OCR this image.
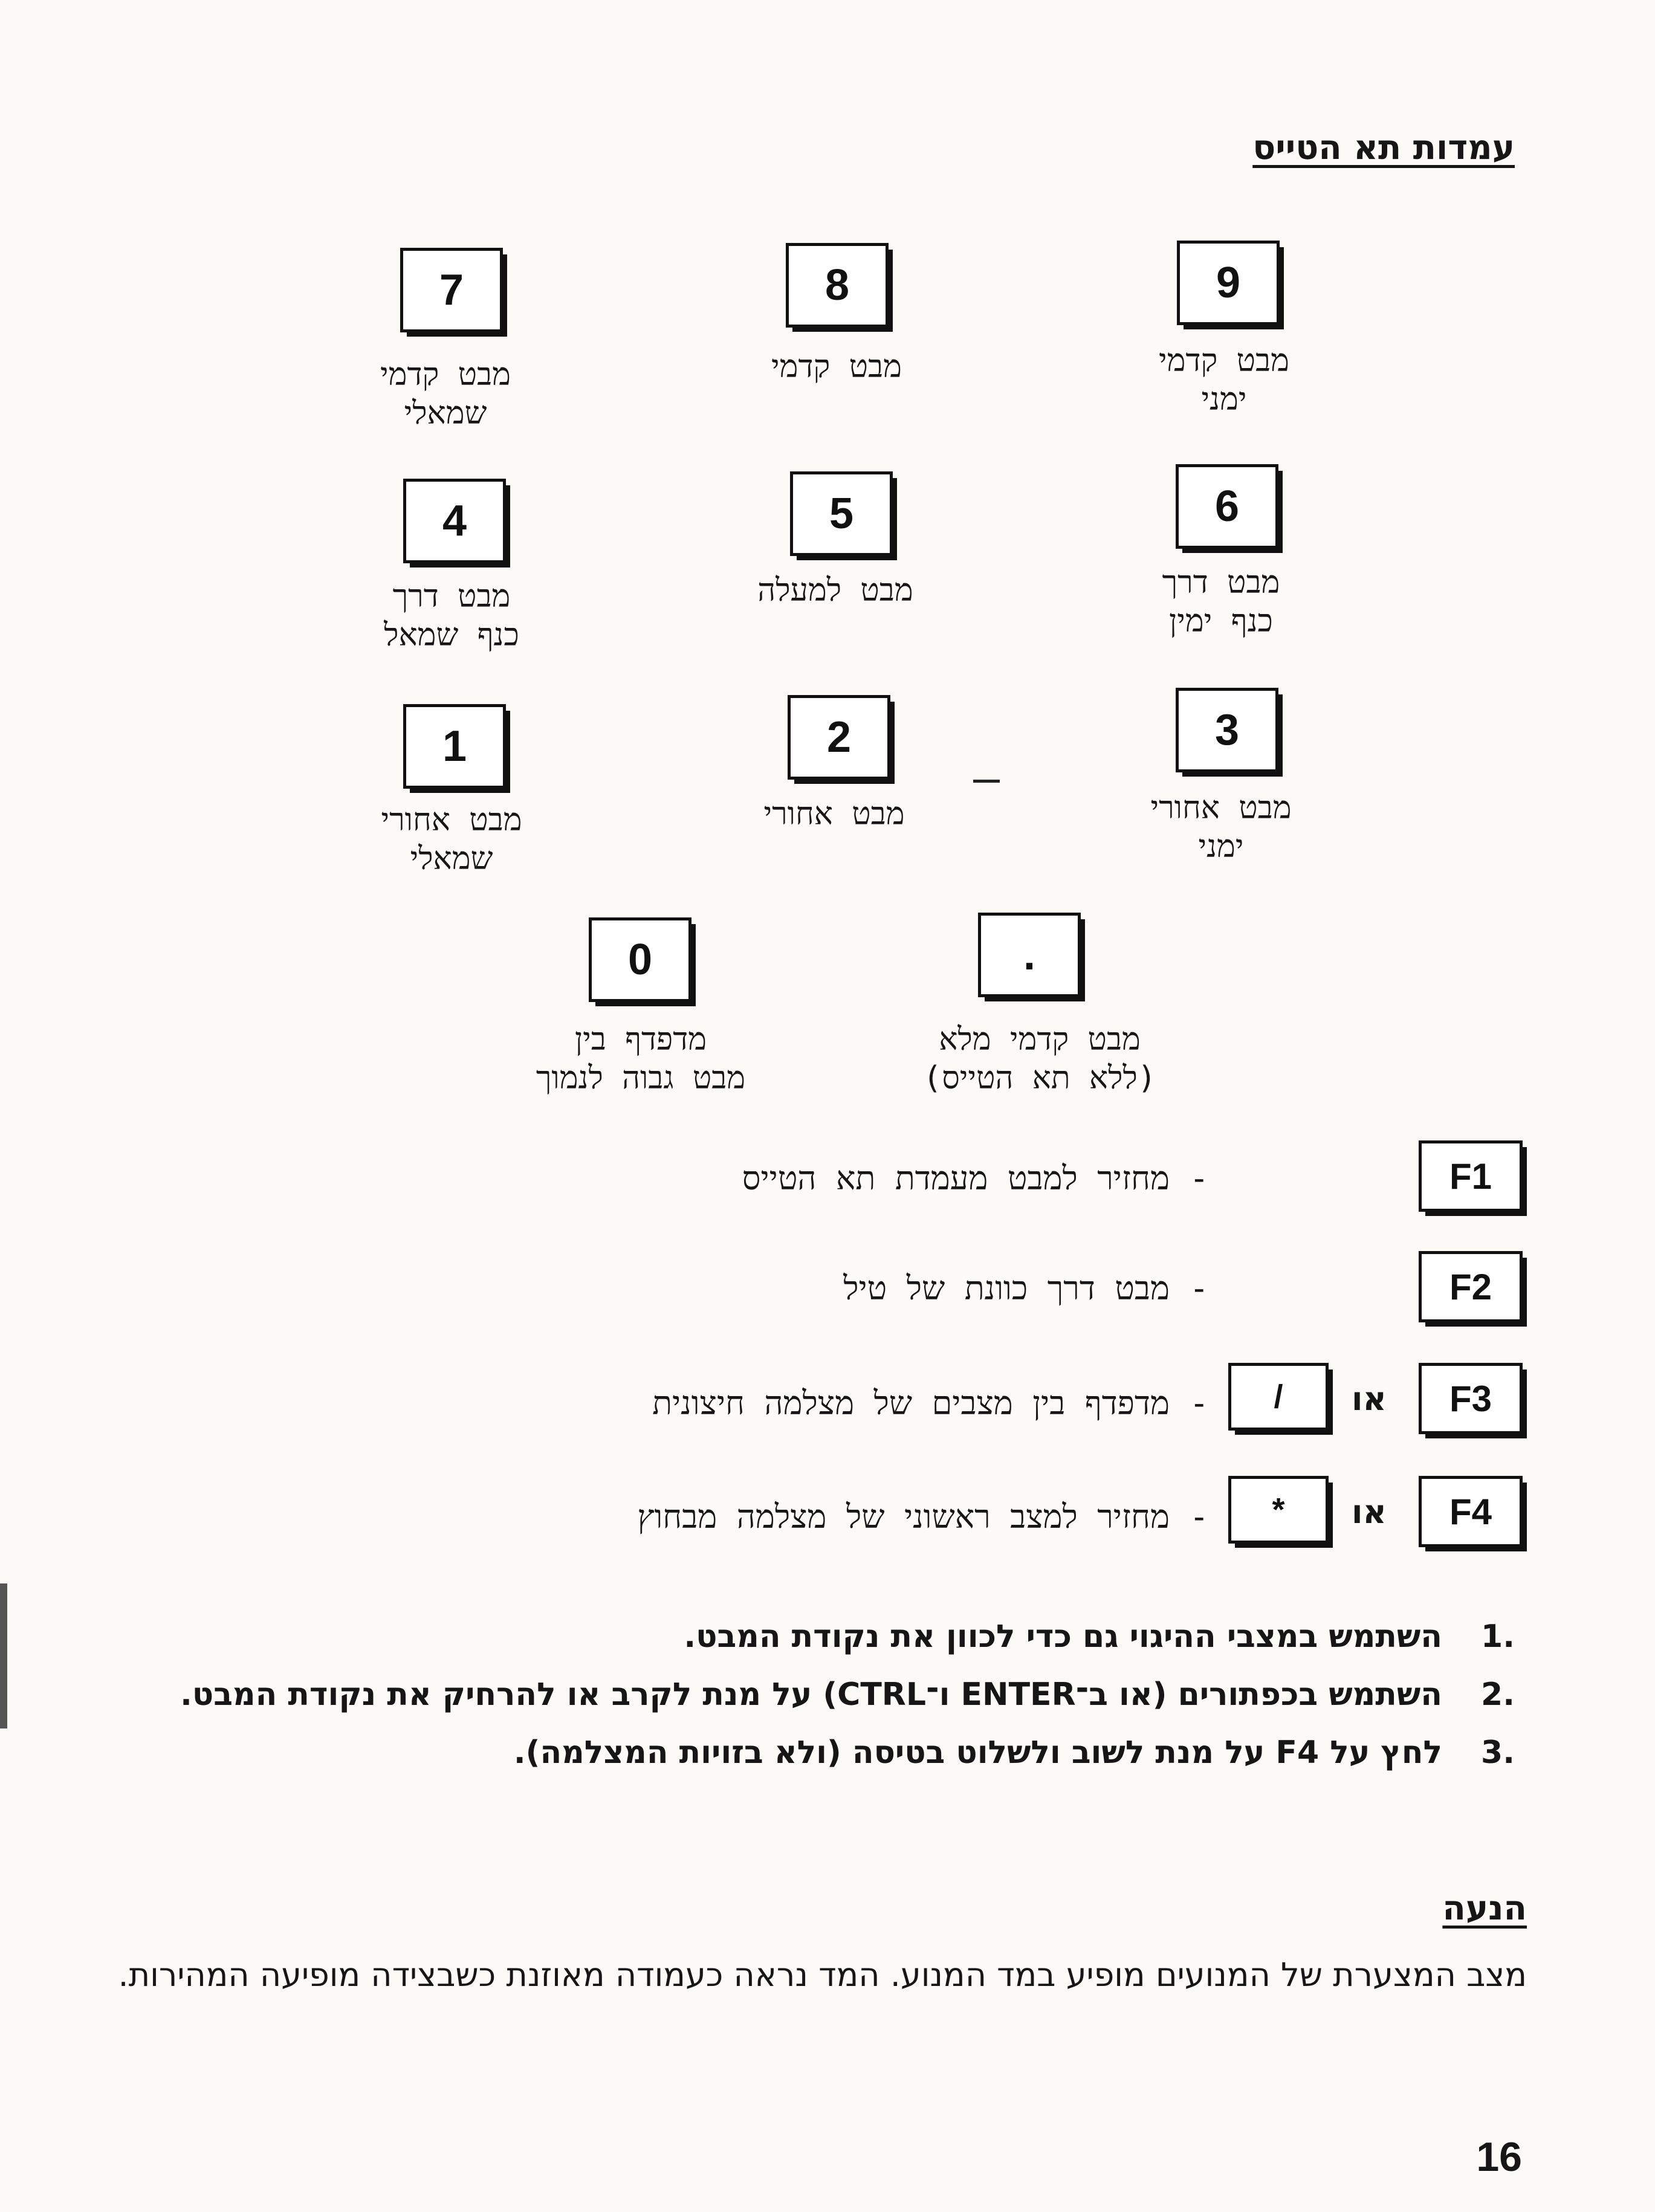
עמדות תא הטייס
7
מבט קדמי
שמאלי
8
מבט קדמי
9
מבט קדמי
ימני
4
מבט דרך
כנף שמאל
5
מבט למעלה
6
מבט דרך
כנף ימין
1
מבט אחורי
שמאלי
2
מבט אחורי
3
מבט אחורי
ימני
0
מדפדף בין
מבט גבוה לנמוך
.
מבט קדמי מלא
(ללא תא הטייס)
F1
- מחזיר למבט מעמדת תא הטייס
F2
- מבט דרך כוונת של טיל
F3
או
/
- מדפדף בין מצבים של מצלמה חיצונית
F4
או
*
- מחזיר למצב ראשוני של מצלמה מבחוץ
.1
השתמש במצבי ההיגוי גם כדי לכוון את נקודת המבט.
.2
השתמש בכפתורים (או ב־ENTER ו־CTRL) על מנת לקרב או להרחיק את נקודת המבט.
.3
לחץ על F4 על מנת לשוב ולשלוט בטיסה (ולא בזויות המצלמה).
הנעה
מצב המצערת של המנועים מופיע במד המנוע. המד נראה כעמודה מאוזנת כשבצידה מופיעה המהירות.
16
